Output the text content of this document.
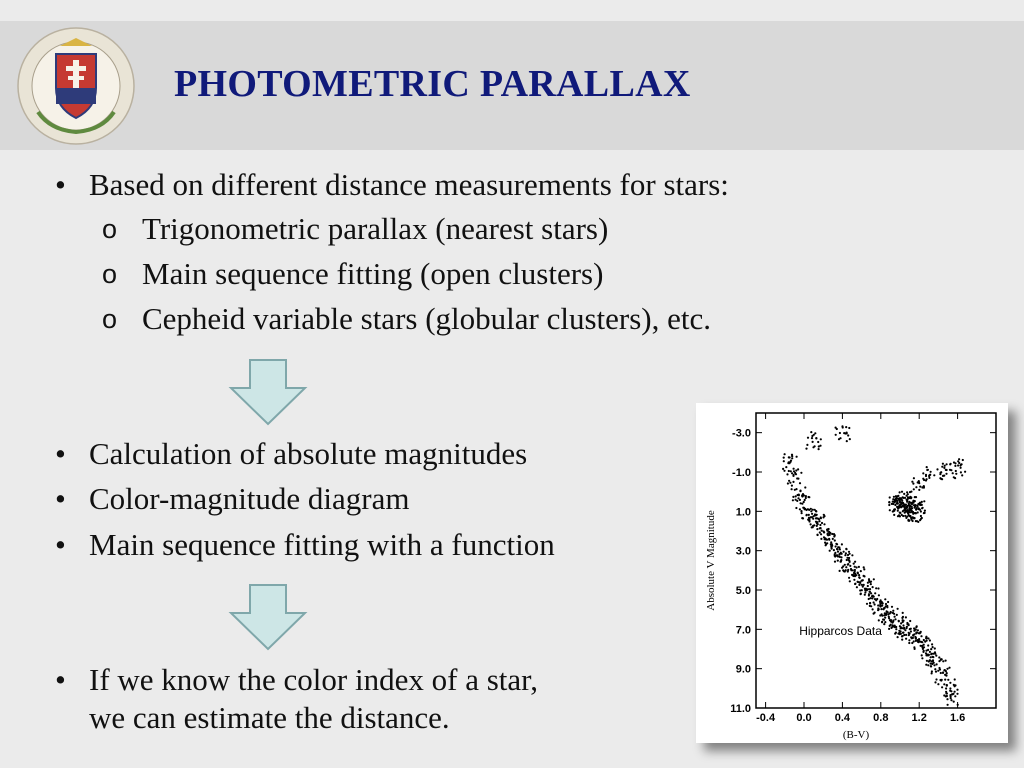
PHOTOMETRIC PARALLAX
• Based on different distance measurements for stars:
o Trigonometric parallax (nearest stars)
o Main sequence fitting (open clusters)
o Cepheid variable stars (globular clusters), etc.
• Calculation of absolute magnitudes
• Color-magnitude diagram
• Main sequence fitting with a function
• If we know the color index of a star,
we can estimate the distance.
-3.0
-1.0
1.0
3.0
5.0
7.0
9.0
11.0
-0.4 0.0 0.4 0.8 1.2 1.6
(B-V)
Absolute V Magnitude
Hipparcos Data
